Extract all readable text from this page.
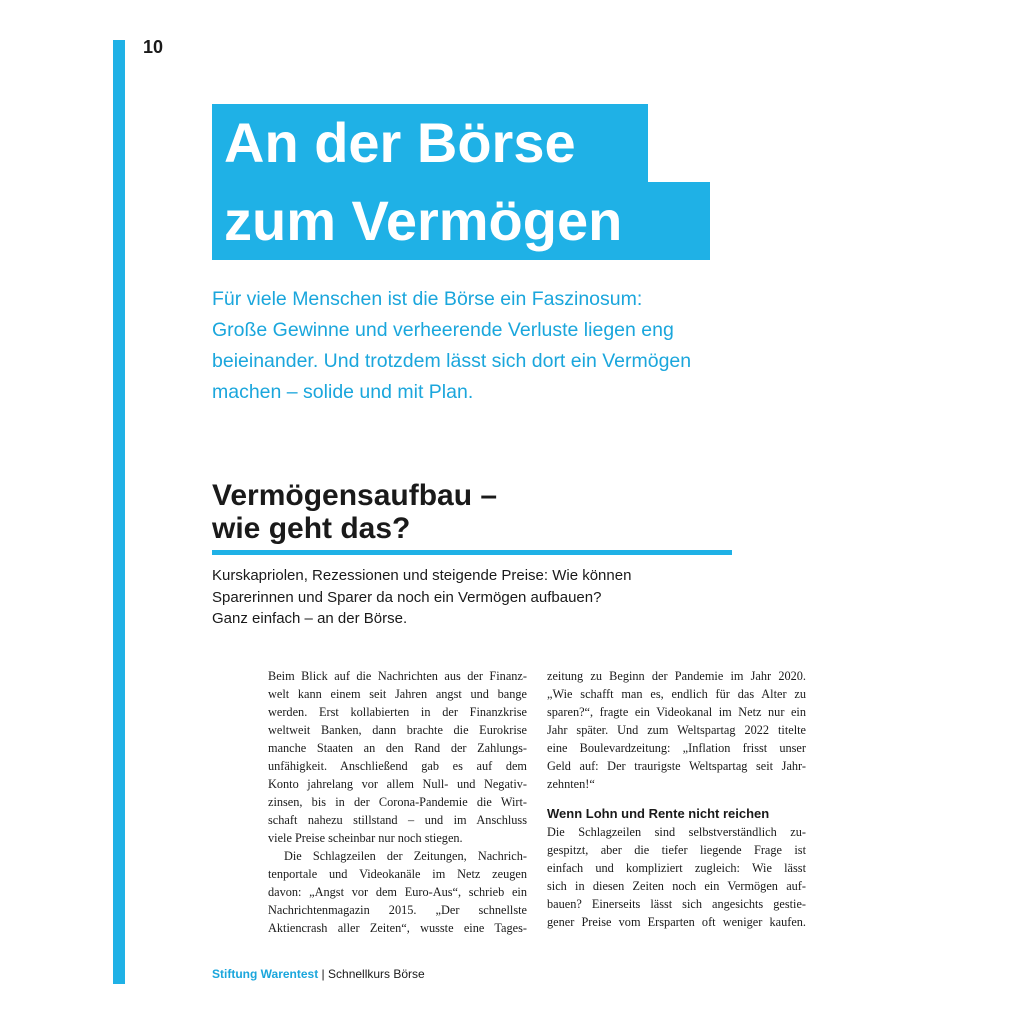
10
An der Börse
zum Vermögen
Für viele Menschen ist die Börse ein Faszinosum:
Große Gewinne und verheerende Verluste liegen eng
beieinander. Und trotzdem lässt sich dort ein Vermögen
machen – solide und mit Plan.
Vermögensaufbau –
wie geht das?
Kurskapriolen, Rezessionen und steigende Preise: Wie können
Sparerinnen und Sparer da noch ein Vermögen aufbauen?
Ganz einfach – an der Börse.
Beim Blick auf die Nachrichten aus der Finanz-
welt kann einem seit Jahren angst und bange
werden. Erst kollabierten in der Finanzkrise
weltweit Banken, dann brachte die Eurokrise
manche Staaten an den Rand der Zahlungs-
unfähigkeit. Anschließend gab es auf dem
Konto jahrelang vor allem Null- und Negativ-
zinsen, bis in der Corona-Pandemie die Wirt-
schaft nahezu stillstand – und im Anschluss
viele Preise scheinbar nur noch stiegen.
Die Schlagzeilen der Zeitungen, Nachrich-
tenportale und Videokanäle im Netz zeugen
davon: „Angst vor dem Euro-Aus“, schrieb ein
Nachrichtenmagazin 2015. „Der schnellste
Aktiencrash aller Zeiten“, wusste eine Tages-
zeitung zu Beginn der Pandemie im Jahr 2020.
„Wie schafft man es, endlich für das Alter zu
sparen?“, fragte ein Videokanal im Netz nur ein
Jahr später. Und zum Weltspartag 2022 titelte
eine Boulevardzeitung: „Inflation frisst unser
Geld auf: Der traurigste Weltspartag seit Jahr-
zehnten!“
Wenn Lohn und Rente nicht reichen
Die Schlagzeilen sind selbstverständlich zu-
gespitzt, aber die tiefer liegende Frage ist
einfach und kompliziert zugleich: Wie lässt
sich in diesen Zeiten noch ein Vermögen auf-
bauen? Einerseits lässt sich angesichts gestie-
gener Preise vom Ersparten oft weniger kaufen.
Stiftung Warentest | Schnellkurs Börse
